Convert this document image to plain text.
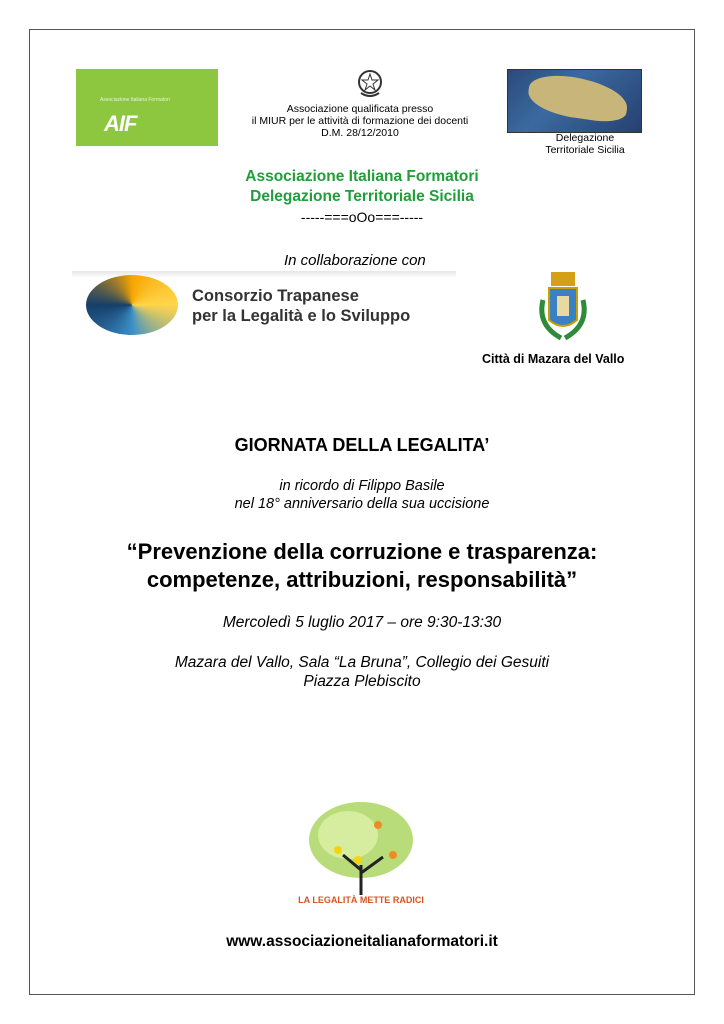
Associazione Italiana Formatori
AIF
Associazione qualificata presso
il MIUR per le attività di formazione dei docenti
D.M. 28/12/2010	Delegazione
Territoriale Sicilia
Associazione Italiana Formatori
Delegazione Territoriale Sicilia
-----===oOo===-----
In collaborazione con
Consorzio Trapanese
per la Legalità e lo Sviluppo
Città di Mazara del Vallo
GIORNATA DELLA LEGALITA’
in ricordo di Filippo Basile
nel 18° anniversario della sua uccisione
“Prevenzione della corruzione e trasparenza:
competenze, attribuzioni, responsabilità”
Mercoledì 5 luglio 2017 – ore 9:30-13:30
Mazara del Vallo, Sala “La Bruna”, Collegio dei Gesuiti
Piazza Plebiscito
LA LEGALITÀ METTE RADICI
www.associazioneitalianaformatori.it
